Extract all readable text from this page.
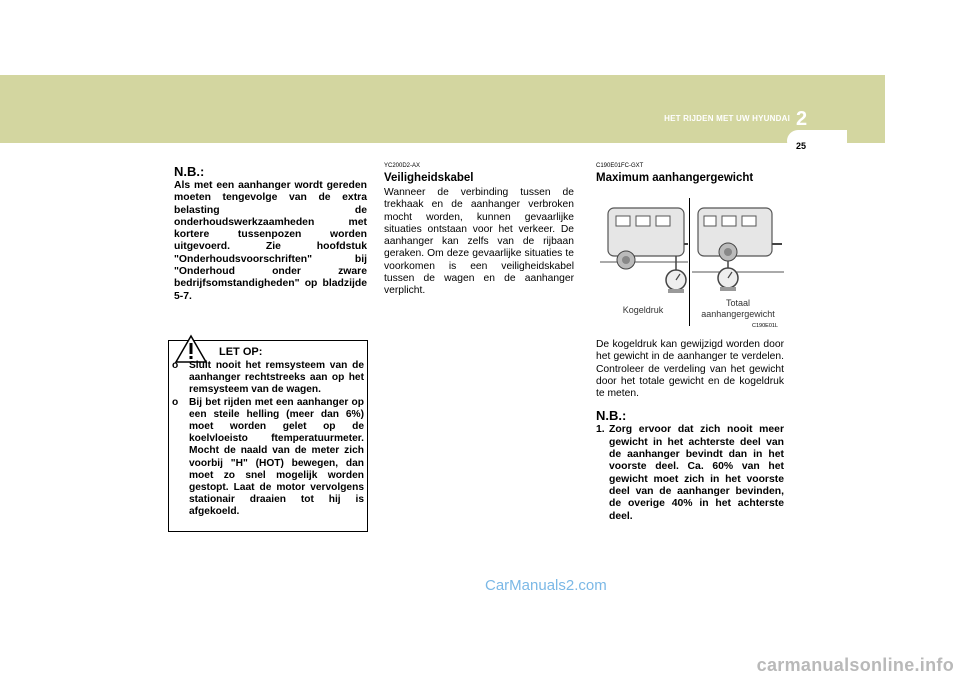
HET RIJDEN MET UW HYUNDAI 2
25

N.B.:

Als met een aanhanger wordt gereden moeten tengevolge van de extra belasting de onderhoudswerkzaamheden met kortere tussenpozen worden uitgevoerd. Zie hoofdstuk "Onderhoudsvoorschriften" bij "Onderhoud onder zware bedrijfsomstandigheden" op bladzijde 5-7.

LET OP:
o Sluit nooit het remsysteem van de aanhanger rechtstreeks aan op het remsysteem van de wagen.
o Bij bet rijden met een aanhanger op een steile helling (meer dan 6%) moet worden gelet op de koelvloeisto ftemperatuurmeter. Mocht de naald van de meter zich voorbij "H" (HOT) bewegen, dan moet zo snel mogelijk worden gestopt. Laat de motor vervolgens stationair draaien tot hij is afgekoeld.

YC200D2-AX

Veiligheidskabel

Wanneer de verbinding tussen de trekhaak en de aanhanger verbroken mocht worden, kunnen gevaarlijke situaties ontstaan voor het verkeer. De aanhanger kan zelfs van de rijbaan geraken. Om deze gevaarlijke situaties te voorkomen is een veiligheidskabel tussen de wagen en de aanhanger verplicht.

C190E01FC-GXT

Maximum aanhangergewicht

Kogeldruk
Totaal
aanhangergewicht
C190E01L

De kogeldruk kan gewijzigd worden door het gewicht in de aanhanger te verdelen. Controleer de verdeling van het gewicht door het totale gewicht en de kogeldruk te meten.

N.B.:

1. Zorg ervoor dat zich nooit meer gewicht in het achterste deel van de aanhanger bevindt dan in het voorste deel. Ca. 60% van het gewicht moet zich in het voorste deel van de aanhanger bevinden, de overige 40% in het achterste deel.
CarManuals2.com
carmanualsonline.info
